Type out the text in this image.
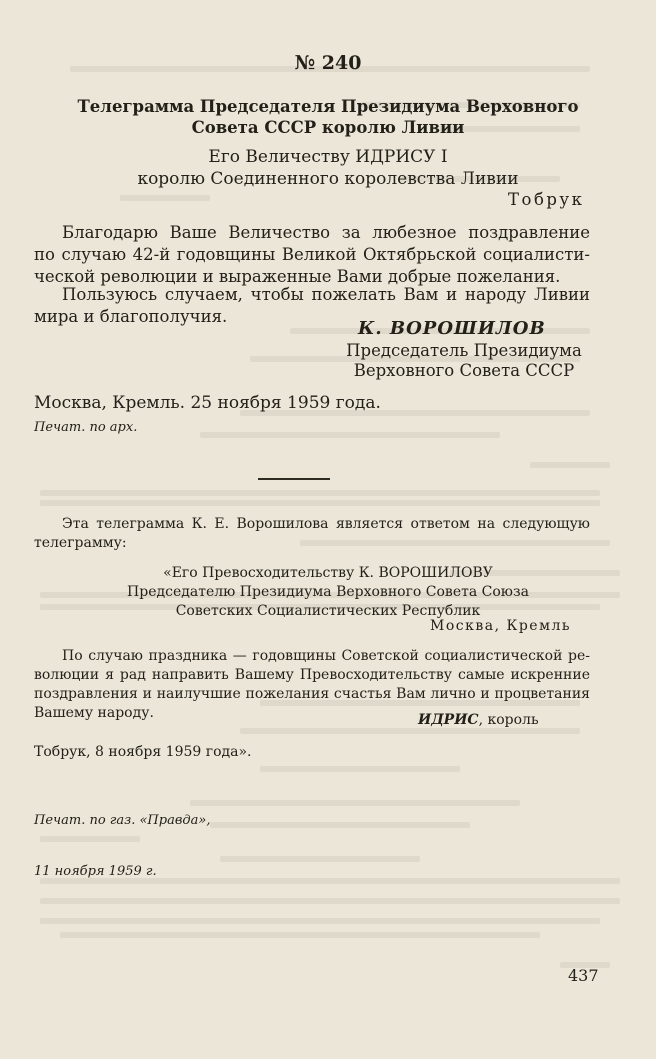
№ 240
Телеграмма Председателя Президиума Верховного
Совета СССР королю Ливии
Его Величеству ИДРИСУ I
королю Соединенного королевства Ливии
Тобрук
Благодарю Ваше Величество за любезное поздравление
по случаю 42-й годовщины Великой Октябрьской социалисти-
ческой революции и выраженные Вами добрые пожелания.
Пользуюсь случаем, чтобы пожелать Вам и народу Ливии
мира и благополучия.
К. ВОРОШИЛОВ
Председатель Президиума
Верховного Совета СССР
Москва, Кремль. 25 ноября 1959 года.
Печат. по арх.
Эта телеграмма К. Е. Ворошилова является ответом на следующую
телеграмму:
«Его Превосходительству К. ВОРОШИЛОВУ
Председателю Президиума Верховного Совета Союза
Советских Социалистических Республик
Москва, Кремль
По случаю праздника — годовщины Советской социалистической ре-
волюции я рад направить Вашему Превосходительству самые искренние
поздравления и наилучшие пожелания счастья Вам лично и процветания
Вашему народу.	ИДРИС, король
Тобрук, 8 ноября 1959 года».

Печат. по газ. «Правда»,

11 ноября 1959 г.

437
